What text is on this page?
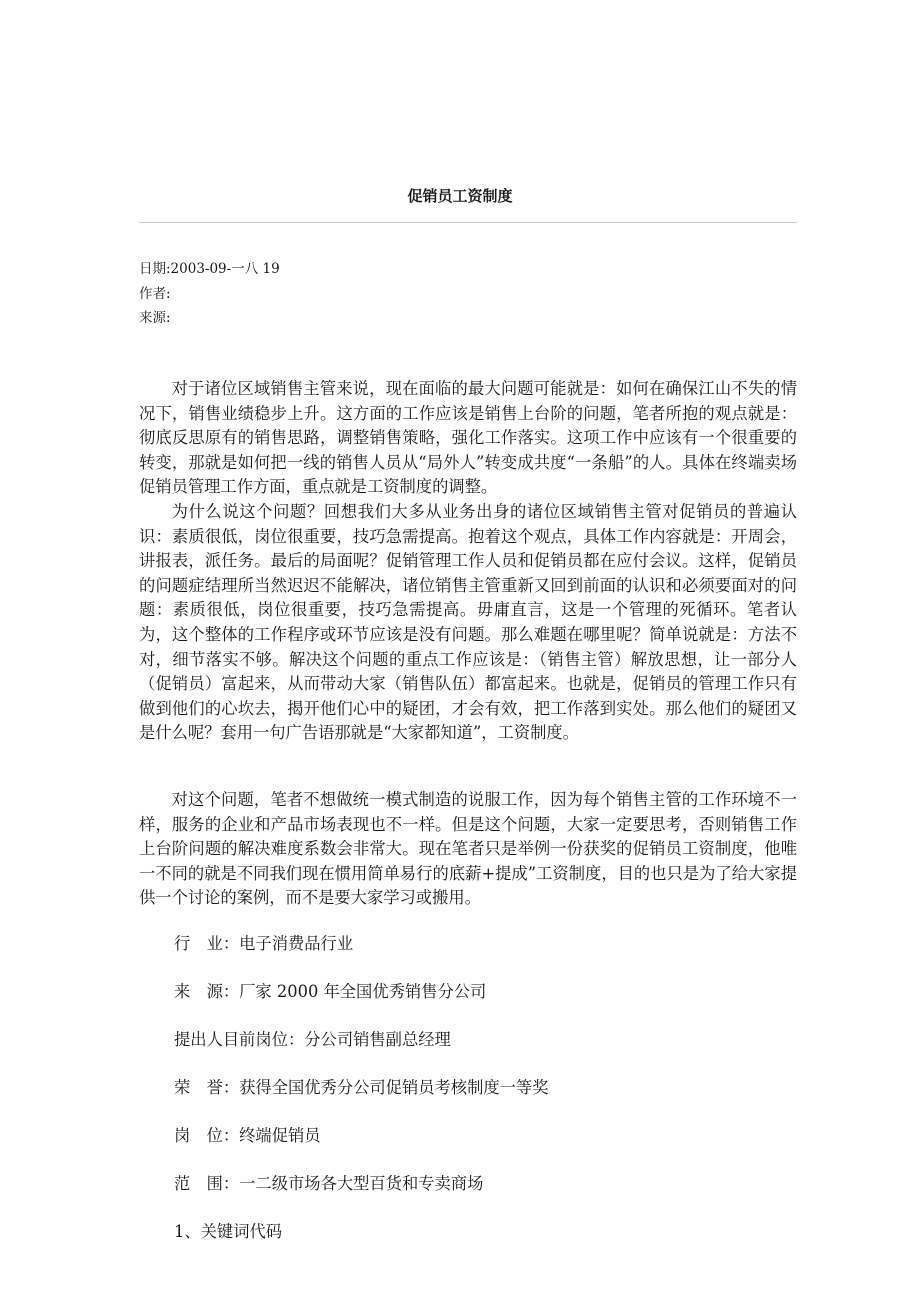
促销员工资制度
日期:2003-09-一八 19
作者:
来源:

对于诸位区域销售主管来说，现在面临的最大问题可能就是：如何在确保江山不失的情况下，销售业绩稳步上升。这方面的工作应该是销售上台阶的问题，笔者所抱的观点就是：彻底反思原有的销售思路，调整销售策略，强化工作落实。这项工作中应该有一个很重要的转变，那就是如何把一线的销售人员从“局外人”转变成共度“一条船”的人。具体在终端卖场促销员管理工作方面，重点就是工资制度的调整。

为什么说这个问题？回想我们大多从业务出身的诸位区域销售主管对促销员的普遍认识：素质很低，岗位很重要，技巧急需提高。抱着这个观点，具体工作内容就是：开周会，讲报表，派任务。最后的局面呢？促销管理工作人员和促销员都在应付会议。这样，促销员的问题症结理所当然迟迟不能解决，诸位销售主管重新又回到前面的认识和必须要面对的问题：素质很低，岗位很重要，技巧急需提高。毋庸直言，这是一个管理的死循环。笔者认为，这个整体的工作程序或环节应该是没有问题。那么难题在哪里呢？简单说就是：方法不对，细节落实不够。解决这个问题的重点工作应该是：（销售主管）解放思想，让一部分人（促销员）富起来，从而带动大家（销售队伍）都富起来。也就是，促销员的管理工作只有做到他们的心坎去，揭开他们心中的疑团，才会有效，把工作落到实处。那么他们的疑团又是什么呢？套用一句广告语那就是“大家都知道”，工资制度。

对这个问题，笔者不想做统一模式制造的说服工作，因为每个销售主管的工作环境不一样，服务的企业和产品市场表现也不一样。但是这个问题，大家一定要思考，否则销售工作上台阶问题的解决难度系数会非常大。现在笔者只是举例一份获奖的促销员工资制度，他唯一不同的就是不同我们现在惯用简单易行的底薪+提成”工资制度，目的也只是为了给大家提供一个讨论的案例，而不是要大家学习或搬用。

行　业：电子消费品行业
来　源：厂家 2000 年全国优秀销售分公司
提出人目前岗位：分公司销售副总经理
荣　誉：获得全国优秀分公司促销员考核制度一等奖
岗　位：终端促销员
范　围：一二级市场各大型百货和专卖商场
1、关键词代码
